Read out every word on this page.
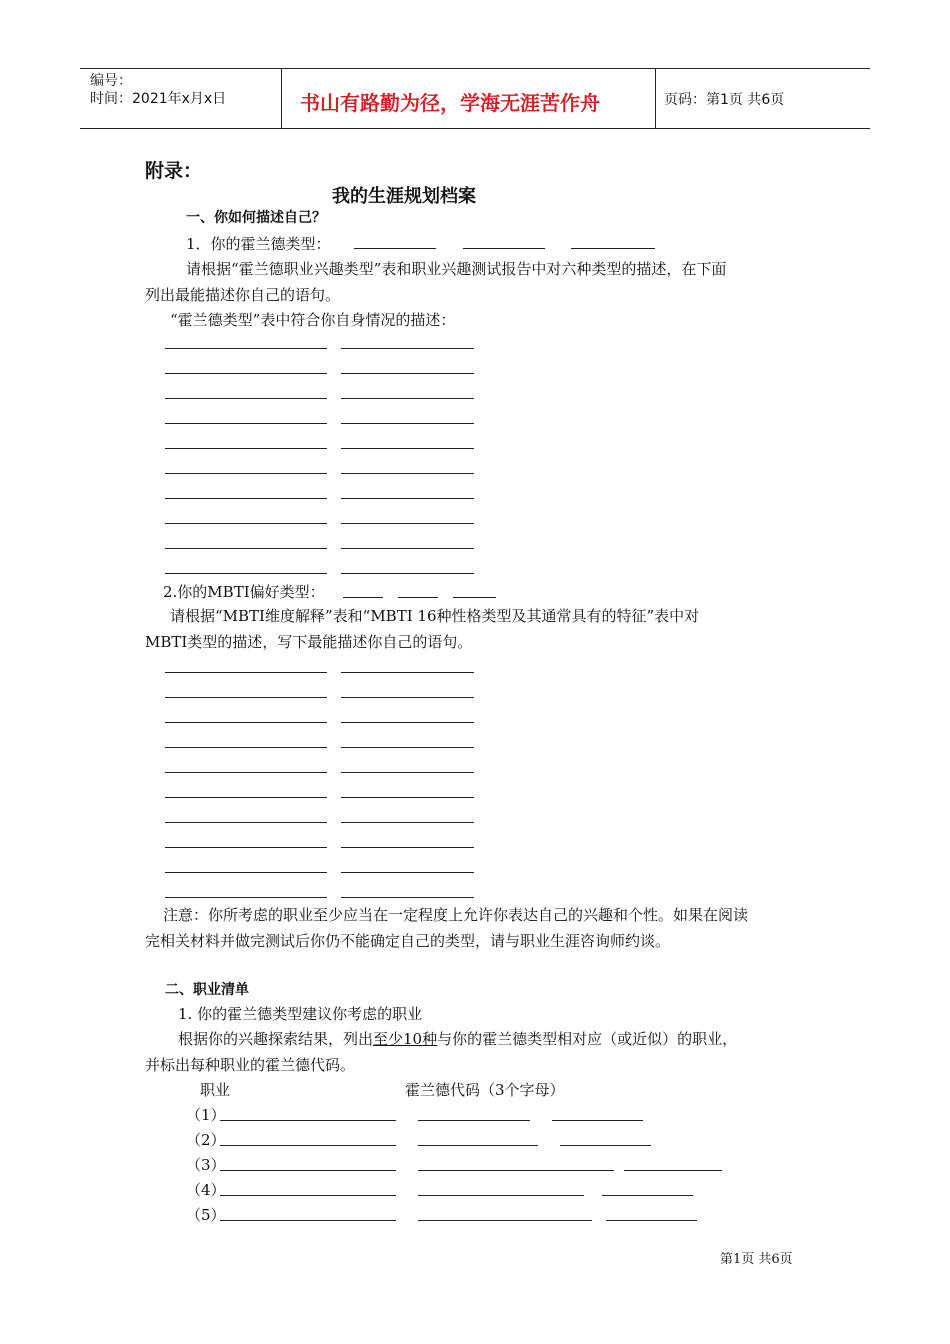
编号：
时间：2021年x月x日	书山有路勤为径，学海无涯苦作舟	页码：第1页 共6页
附录：
我的生涯规划档案
一、你如何描述自己？
1．你的霍兰德类型：
请根据“霍兰德职业兴趣类型”表和职业兴趣测试报告中对六种类型的描述，在下面
列出最能描述你自己的语句。
“霍兰德类型”表中符合你自身情况的描述：
2.你的MBTI偏好类型：
请根据“MBTI维度解释”表和“MBTI 16种性格类型及其通常具有的特征”表中对
MBTI类型的描述，写下最能描述你自己的语句。
注意：你所考虑的职业至少应当在一定程度上允许你表达自己的兴趣和个性。如果在阅读
完相关材料并做完测试后你仍不能确定自己的类型，请与职业生涯咨询师约谈。
二、职业清单
1. 你的霍兰德类型建议你考虑的职业
根据你的兴趣探索结果，列出至少10种与你的霍兰德类型相对应（或近似）的职业，
并标出每种职业的霍兰德代码。
职业	霍兰德代码（3个字母）
（1）
（2）
（3）
（4）
（5）
第1页 共6页
